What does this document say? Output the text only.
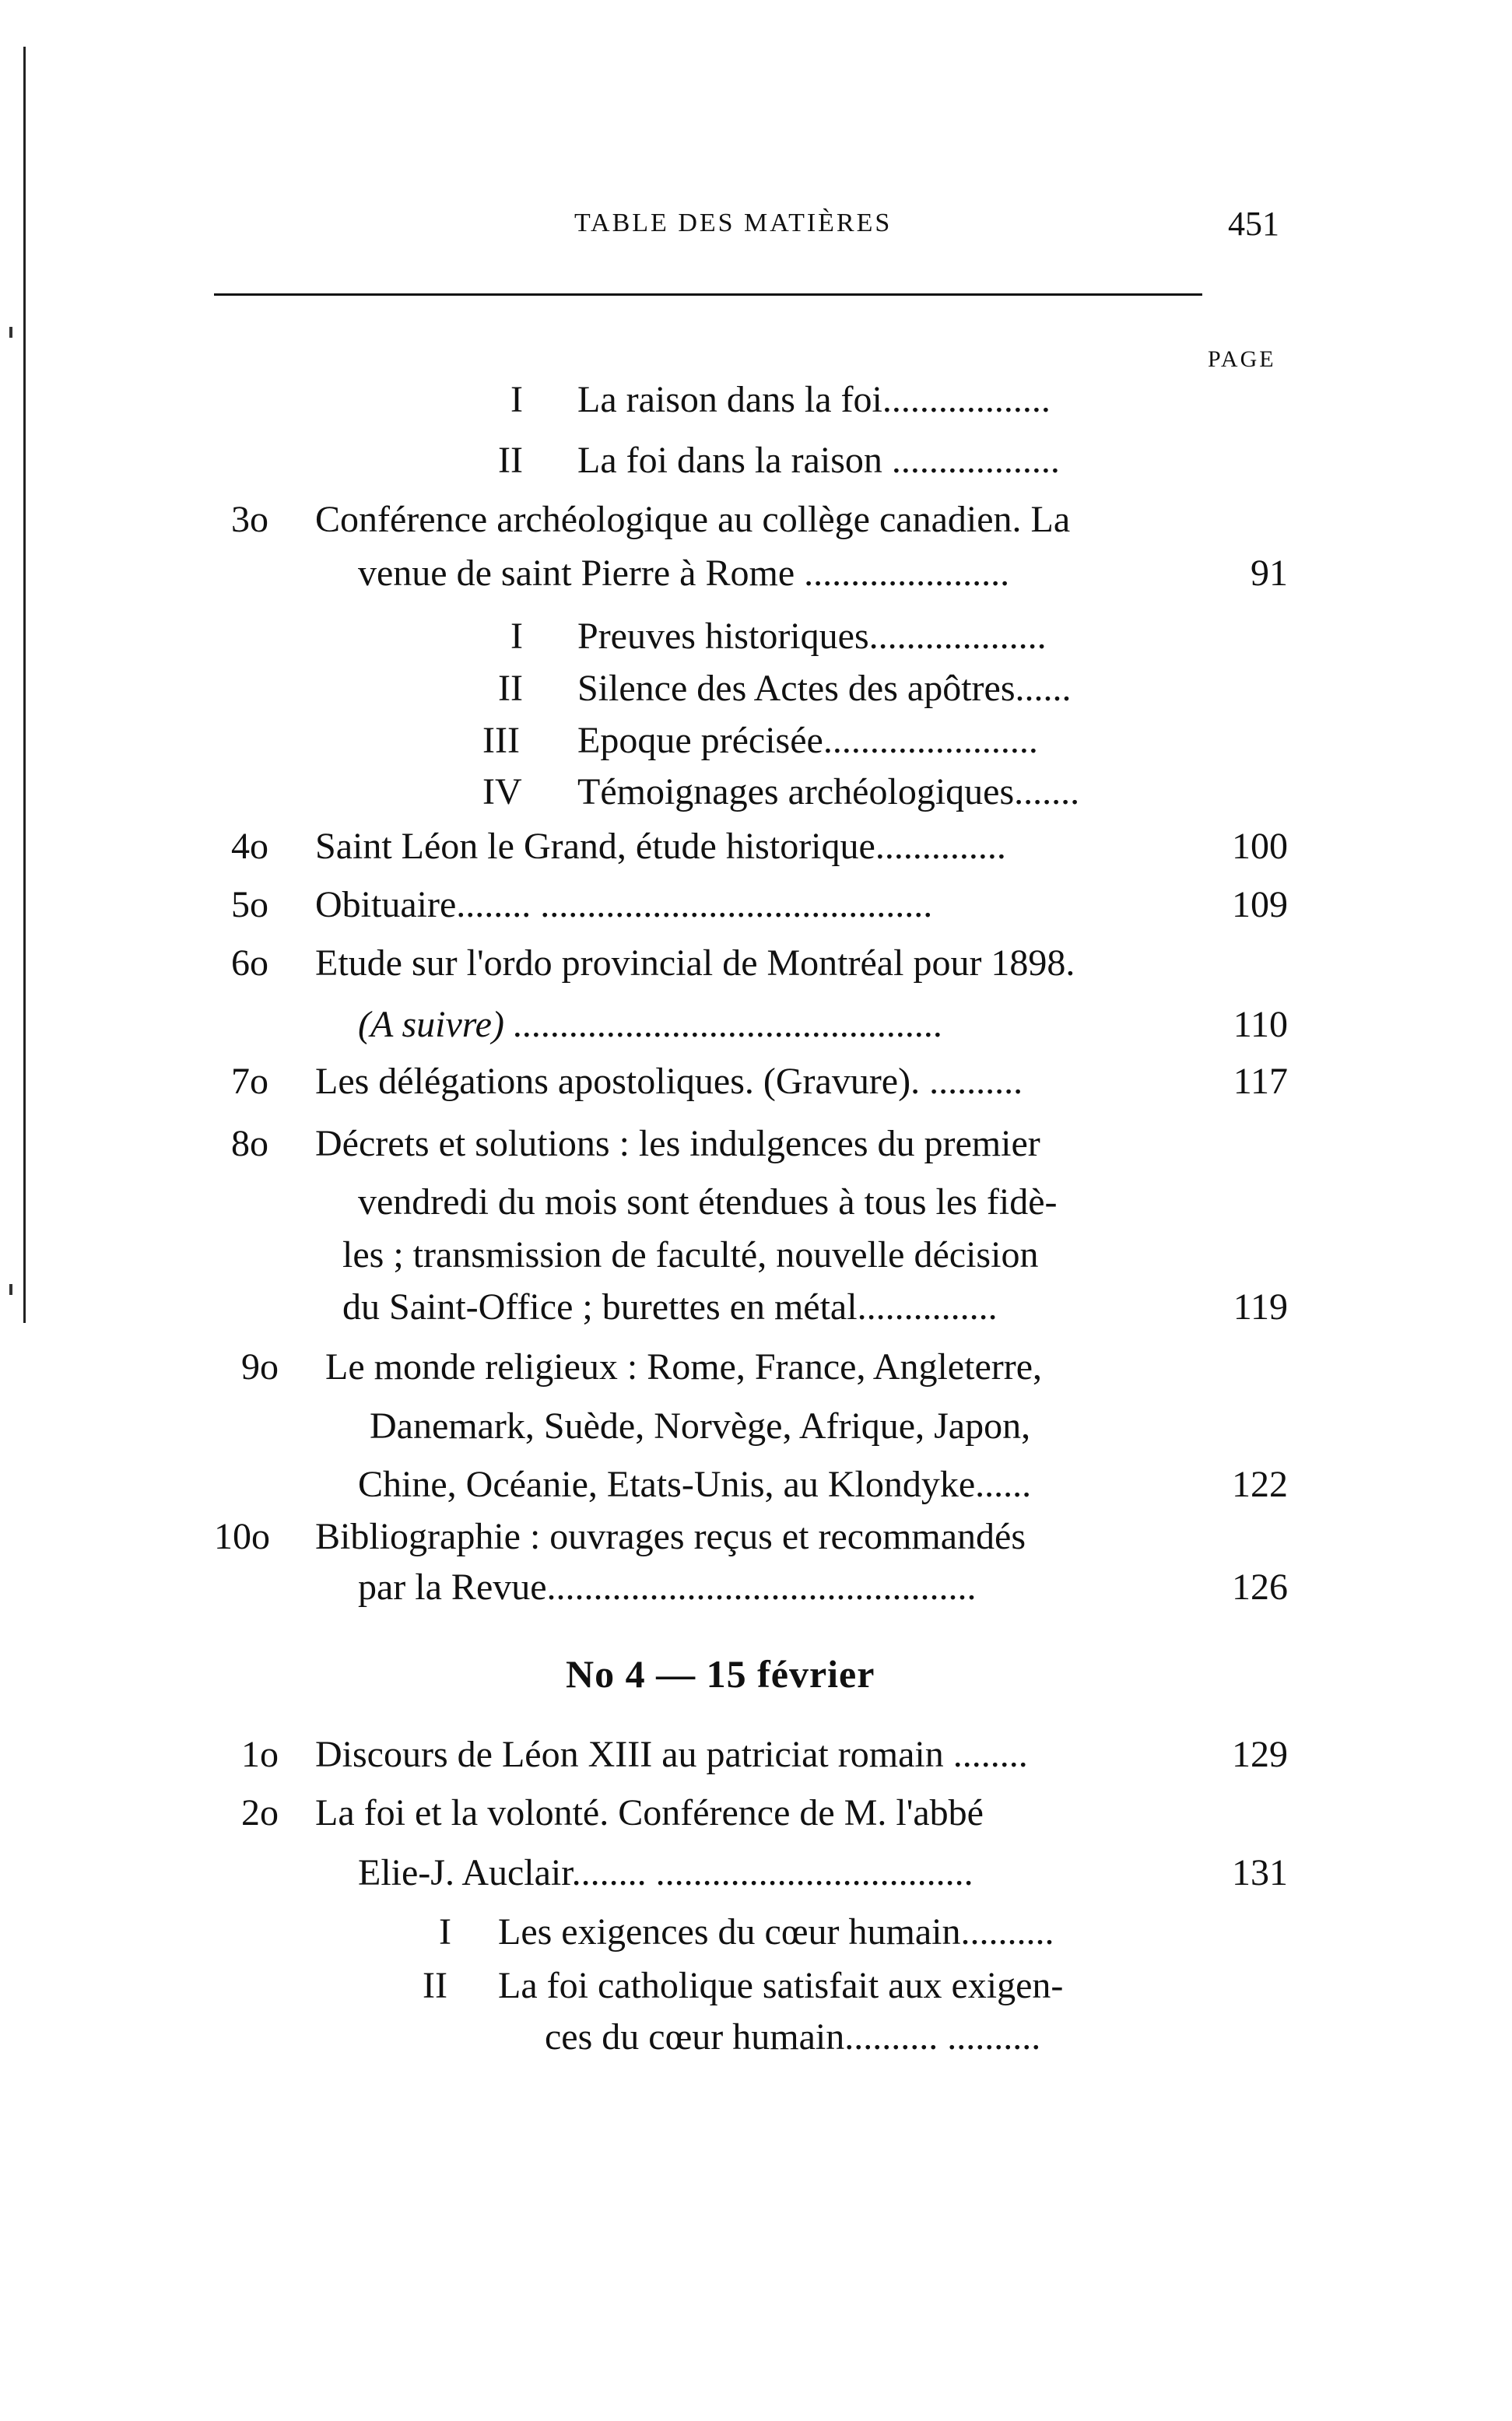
TABLE DES MATIÈRES	451
PAGE
I La raison dans la foi..................
II La foi dans la raison ..................
3o Conférence archéologique au collège canadien. La
venue de saint Pierre à Rome ......................	91
I Preuves historiques...................
II Silence des Actes des apôtres......
III Epoque précisée.......................
IV Témoignages archéologiques.......
4o Saint Léon le Grand, étude historique..............	100
5o Obituaire........ ..........................................	109
6o Etude sur l'ordo provincial de Montréal pour 1898.
(A suivre) ..............................................	110
7o Les délégations apostoliques. (Gravure). ..........	117
8o Décrets et solutions : les indulgences du premier
vendredi du mois sont étendues à tous les fidè-
les ; transmission de faculté, nouvelle décision
du Saint-Office ; burettes en métal...............	119
9o Le monde religieux : Rome, France, Angleterre,
Danemark, Suède, Norvège, Afrique, Japon,
Chine, Océanie, Etats-Unis, au Klondyke......	122
10o Bibliographie : ouvrages reçus et recommandés
par la Revue..............................................	126
No 4 — 15 février
1o Discours de Léon XIII au patriciat romain ........	129
2o La foi et la volonté. Conférence de M. l'abbé
Elie-J. Auclair........ ..................................	131
I Les exigences du cœur humain..........
II La foi catholique satisfait aux exigen-
ces du cœur humain.......... ..........
